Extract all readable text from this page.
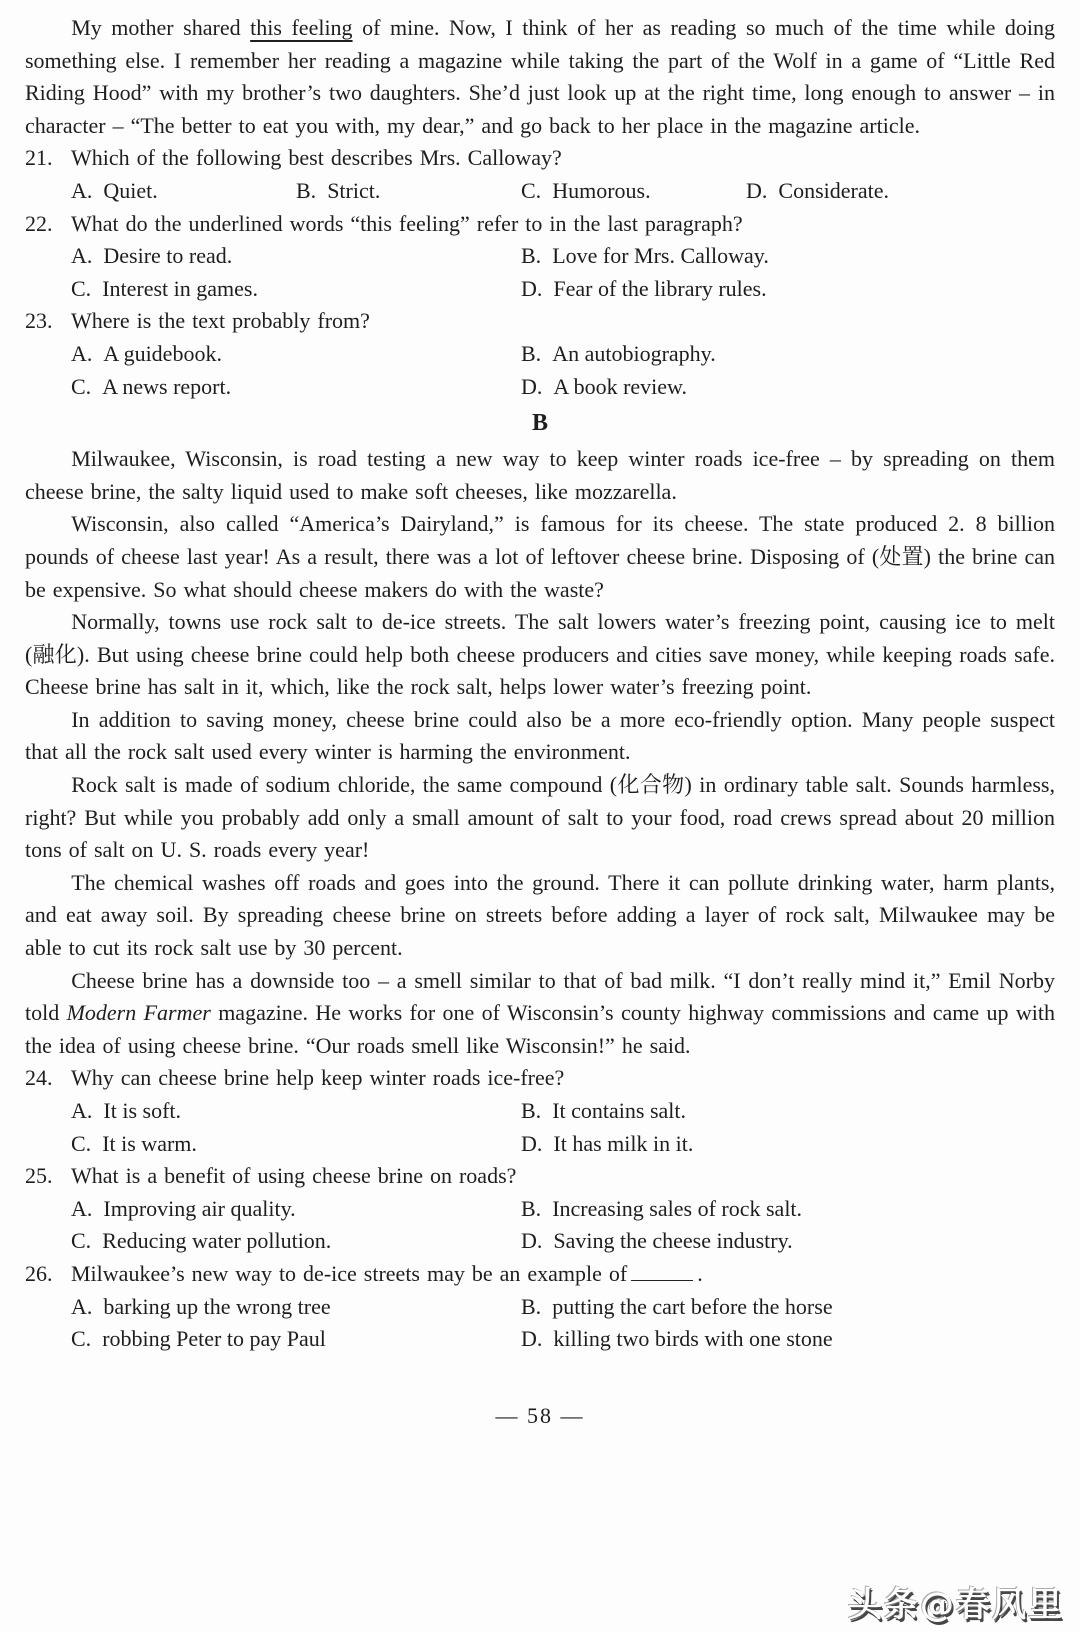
My mother shared this feeling of mine. Now, I think of her as reading so much of the time while doing something else. I remember her reading a magazine while taking the part of the Wolf in a game of “Little Red Riding Hood” with my brother’s two daughters. She’d just look up at the right time, long enough to answer – in character – “The better to eat you with, my dear,” and go back to her place in the magazine article.

21. Which of the following best describes Mrs. Calloway?
A. Quiet.	B. Strict.	C. Humorous.	D. Considerate.
22. What do the underlined words “this feeling” refer to in the last paragraph?
A. Desire to read.	B. Love for Mrs. Calloway.
C. Interest in games.	D. Fear of the library rules.
23. Where is the text probably from?
A. A guidebook.	B. An autobiography.
C. A news report.	D. A book review.
B

Milwaukee, Wisconsin, is road testing a new way to keep winter roads ice-free – by spreading on them cheese brine, the salty liquid used to make soft cheeses, like mozzarella.

Wisconsin, also called “America’s Dairyland,” is famous for its cheese. The state produced 2. 8 billion pounds of cheese last year! As a result, there was a lot of leftover cheese brine. Disposing of (处置) the brine can be expensive. So what should cheese makers do with the waste?

Normally, towns use rock salt to de-ice streets. The salt lowers water’s freezing point, causing ice to melt (融化). But using cheese brine could help both cheese producers and cities save money, while keeping roads safe. Cheese brine has salt in it, which, like the rock salt, helps lower water’s freezing point.

In addition to saving money, cheese brine could also be a more eco-friendly option. Many people suspect that all the rock salt used every winter is harming the environment.

Rock salt is made of sodium chloride, the same compound (化合物) in ordinary table salt. Sounds harmless, right? But while you probably add only a small amount of salt to your food, road crews spread about 20 million tons of salt on U. S. roads every year!

The chemical washes off roads and goes into the ground. There it can pollute drinking water, harm plants, and eat away soil. By spreading cheese brine on streets before adding a layer of rock salt, Milwaukee may be able to cut its rock salt use by 30 percent.

Cheese brine has a downside too – a smell similar to that of bad milk. “I don’t really mind it,” Emil Norby told Modern Farmer magazine. He works for one of Wisconsin’s county highway commissions and came up with the idea of using cheese brine. “Our roads smell like Wisconsin!” he said.

24. Why can cheese brine help keep winter roads ice-free?
A. It is soft.	B. It contains salt.
C. It is warm.	D. It has milk in it.
25. What is a benefit of using cheese brine on roads?
A. Improving air quality.	B. Increasing sales of rock salt.
C. Reducing water pollution.	D. Saving the cheese industry.
26. Milwaukee’s new way to de-ice streets may be an example of	.
A. barking up the wrong tree	B. putting the cart before the horse
C. robbing Peter to pay Paul	D. killing two birds with one stone
— 58 —
头条@春风里
